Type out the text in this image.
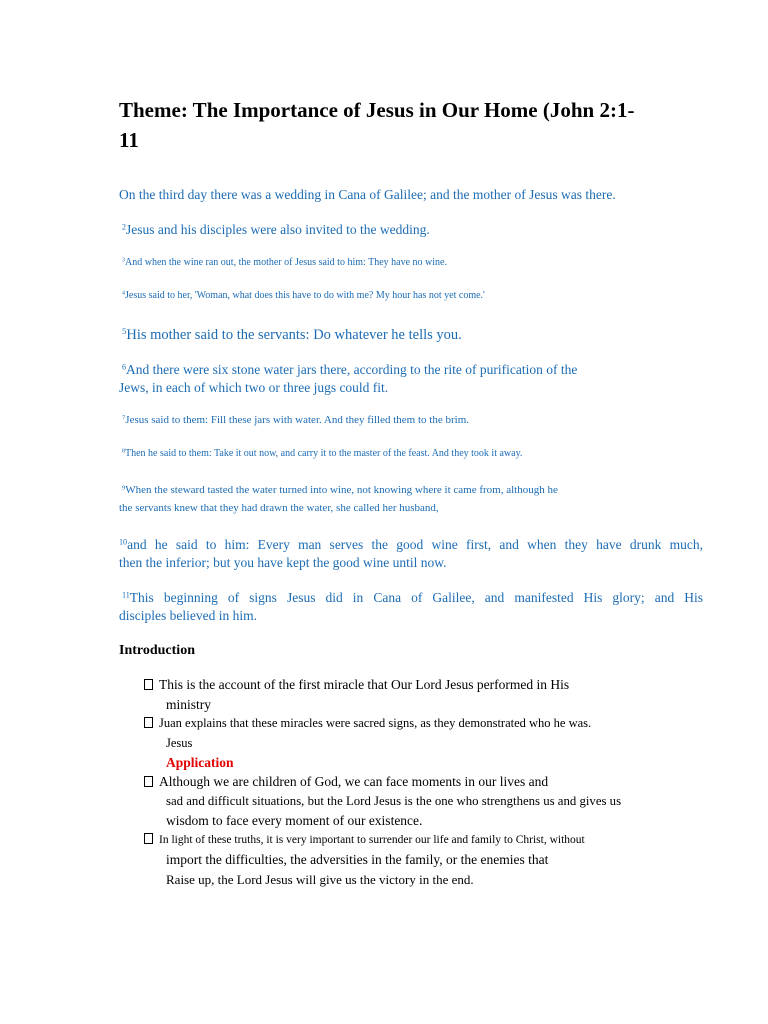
Theme: The Importance of Jesus in Our Home (John 2:1-
11
On the third day there was a wedding in Cana of Galilee; and the mother of Jesus was there.
$^2$Jesus and his disciples were also invited to the wedding.
$^3$And when the wine ran out, the mother of Jesus said to him: They have no wine.
$^4$Jesus said to her, 'Woman, what does this have to do with me? My hour has not yet come.'
$^5$His mother said to the servants: Do whatever he tells you.
$^6$And there were six stone water jars there, according to the rite of purification of the
Jews, in each of which two or three jugs could fit.
$^7$Jesus said to them: Fill these jars with water. And they filled them to the brim.
$^8$Then he said to them: Take it out now, and carry it to the master of the feast. And they took it away.
$^9$When the steward tasted the water turned into wine, not knowing where it came from, although he
the servants knew that they had drawn the water, she called her husband,
$^{10}$and he said to him: Every man serves the good wine first, and when they have drunk much,
then the inferior; but you have kept the good wine until now.
$^{11}$This beginning of signs Jesus did in Cana of Galilee, and manifested His glory; and His
disciples believed in him.
Introduction
This is the account of the first miracle that Our Lord Jesus performed in His
ministry
Juan explains that these miracles were sacred signs, as they demonstrated who he was.
Jesus
Application
Although we are children of God, we can face moments in our lives and
sad and difficult situations, but the Lord Jesus is the one who strengthens us and gives us
wisdom to face every moment of our existence.
In light of these truths, it is very important to surrender our life and family to Christ, without
import the difficulties, the adversities in the family, or the enemies that
Raise up, the Lord Jesus will give us the victory in the end.
